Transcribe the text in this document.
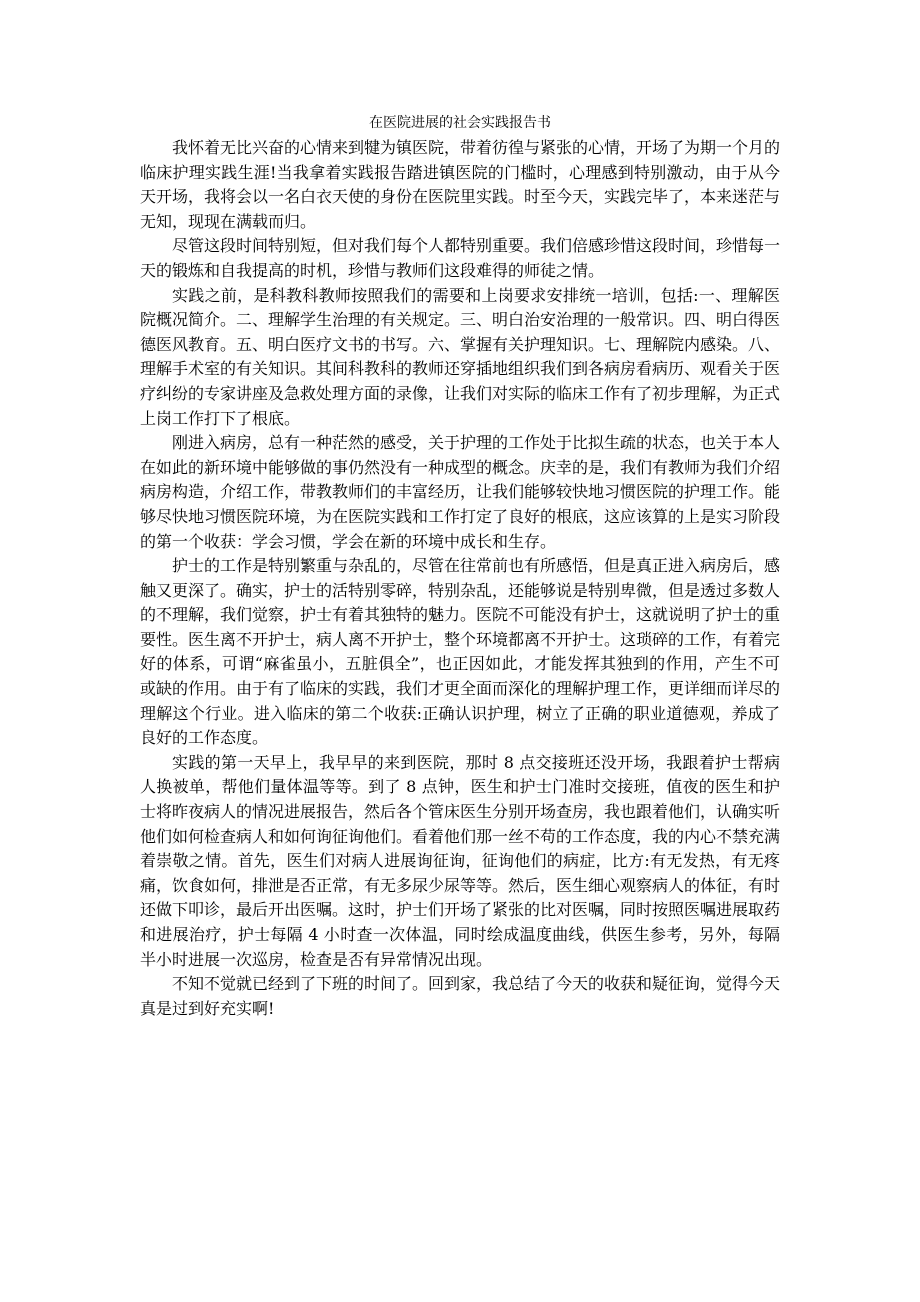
在医院进展的社会实践报告书

我怀着无比兴奋的心情来到犍为镇医院，带着彷徨与紧张的心情，开场了为期一个月的临床护理实践生涯!当我拿着实践报告踏进镇医院的门槛时，心理感到特别激动，由于从今天开场，我将会以一名白衣天使的身份在医院里实践。时至今天，实践完毕了，本来迷茫与无知，现现在满载而归。

尽管这段时间特别短，但对我们每个人都特别重要。我们倍感珍惜这段时间，珍惜每一天的锻炼和自我提高的时机，珍惜与教师们这段难得的师徒之情。

实践之前，是科教科教师按照我们的需要和上岗要求安排统一培训，包括:一、理解医院概况简介。二、理解学生治理的有关规定。三、明白治安治理的一般常识。四、明白得医德医风教育。五、明白医疗文书的书写。六、掌握有关护理知识。七、理解院内感染。八、理解手术室的有关知识。其间科教科的教师还穿插地组织我们到各病房看病历、观看关于医疗纠纷的专家讲座及急救处理方面的录像，让我们对实际的临床工作有了初步理解，为正式上岗工作打下了根底。

刚进入病房，总有一种茫然的感受，关于护理的工作处于比拟生疏的状态，也关于本人在如此的新环境中能够做的事仍然没有一种成型的概念。庆幸的是，我们有教师为我们介绍病房构造，介绍工作，带教教师们的丰富经历，让我们能够较快地习惯医院的护理工作。能够尽快地习惯医院环境，为在医院实践和工作打定了良好的根底，这应该算的上是实习阶段的第一个收获：学会习惯，学会在新的环境中成长和生存。

护士的工作是特别繁重与杂乱的，尽管在往常前也有所感悟，但是真正进入病房后，感触又更深了。确实，护士的活特别零碎，特别杂乱，还能够说是特别卑微，但是透过多数人的不理解，我们觉察，护士有着其独特的魅力。医院不可能没有护士，这就说明了护士的重要性。医生离不开护士，病人离不开护士，整个环境都离不开护士。这琐碎的工作，有着完好的体系，可谓“麻雀虽小，五脏俱全”，也正因如此，才能发挥其独到的作用，产生不可或缺的作用。由于有了临床的实践，我们才更全面而深化的理解护理工作，更详细而详尽的理解这个行业。进入临床的第二个收获:正确认识护理，树立了正确的职业道德观，养成了良好的工作态度。

实践的第一天早上，我早早的来到医院，那时 8 点交接班还没开场，我跟着护士帮病人换被单，帮他们量体温等等。到了 8 点钟，医生和护士门准时交接班，值夜的医生和护士将昨夜病人的情况进展报告，然后各个管床医生分别开场查房，我也跟着他们，认确实听他们如何检查病人和如何询征询他们。看着他们那一丝不苟的工作态度，我的内心不禁充满着崇敬之情。首先，医生们对病人进展询征询，征询他们的病症，比方:有无发热，有无疼痛，饮食如何，排泄是否正常，有无多尿少尿等等。然后，医生细心观察病人的体征，有时还做下叩诊，最后开出医嘱。这时，护士们开场了紧张的比对医嘱，同时按照医嘱进展取药和进展治疗，护士每隔 4 小时查一次体温，同时绘成温度曲线，供医生参考，另外，每隔半小时进展一次巡房，检查是否有异常情况出现。

不知不觉就已经到了下班的时间了。回到家，我总结了今天的收获和疑征询，觉得今天真是过到好充实啊!
